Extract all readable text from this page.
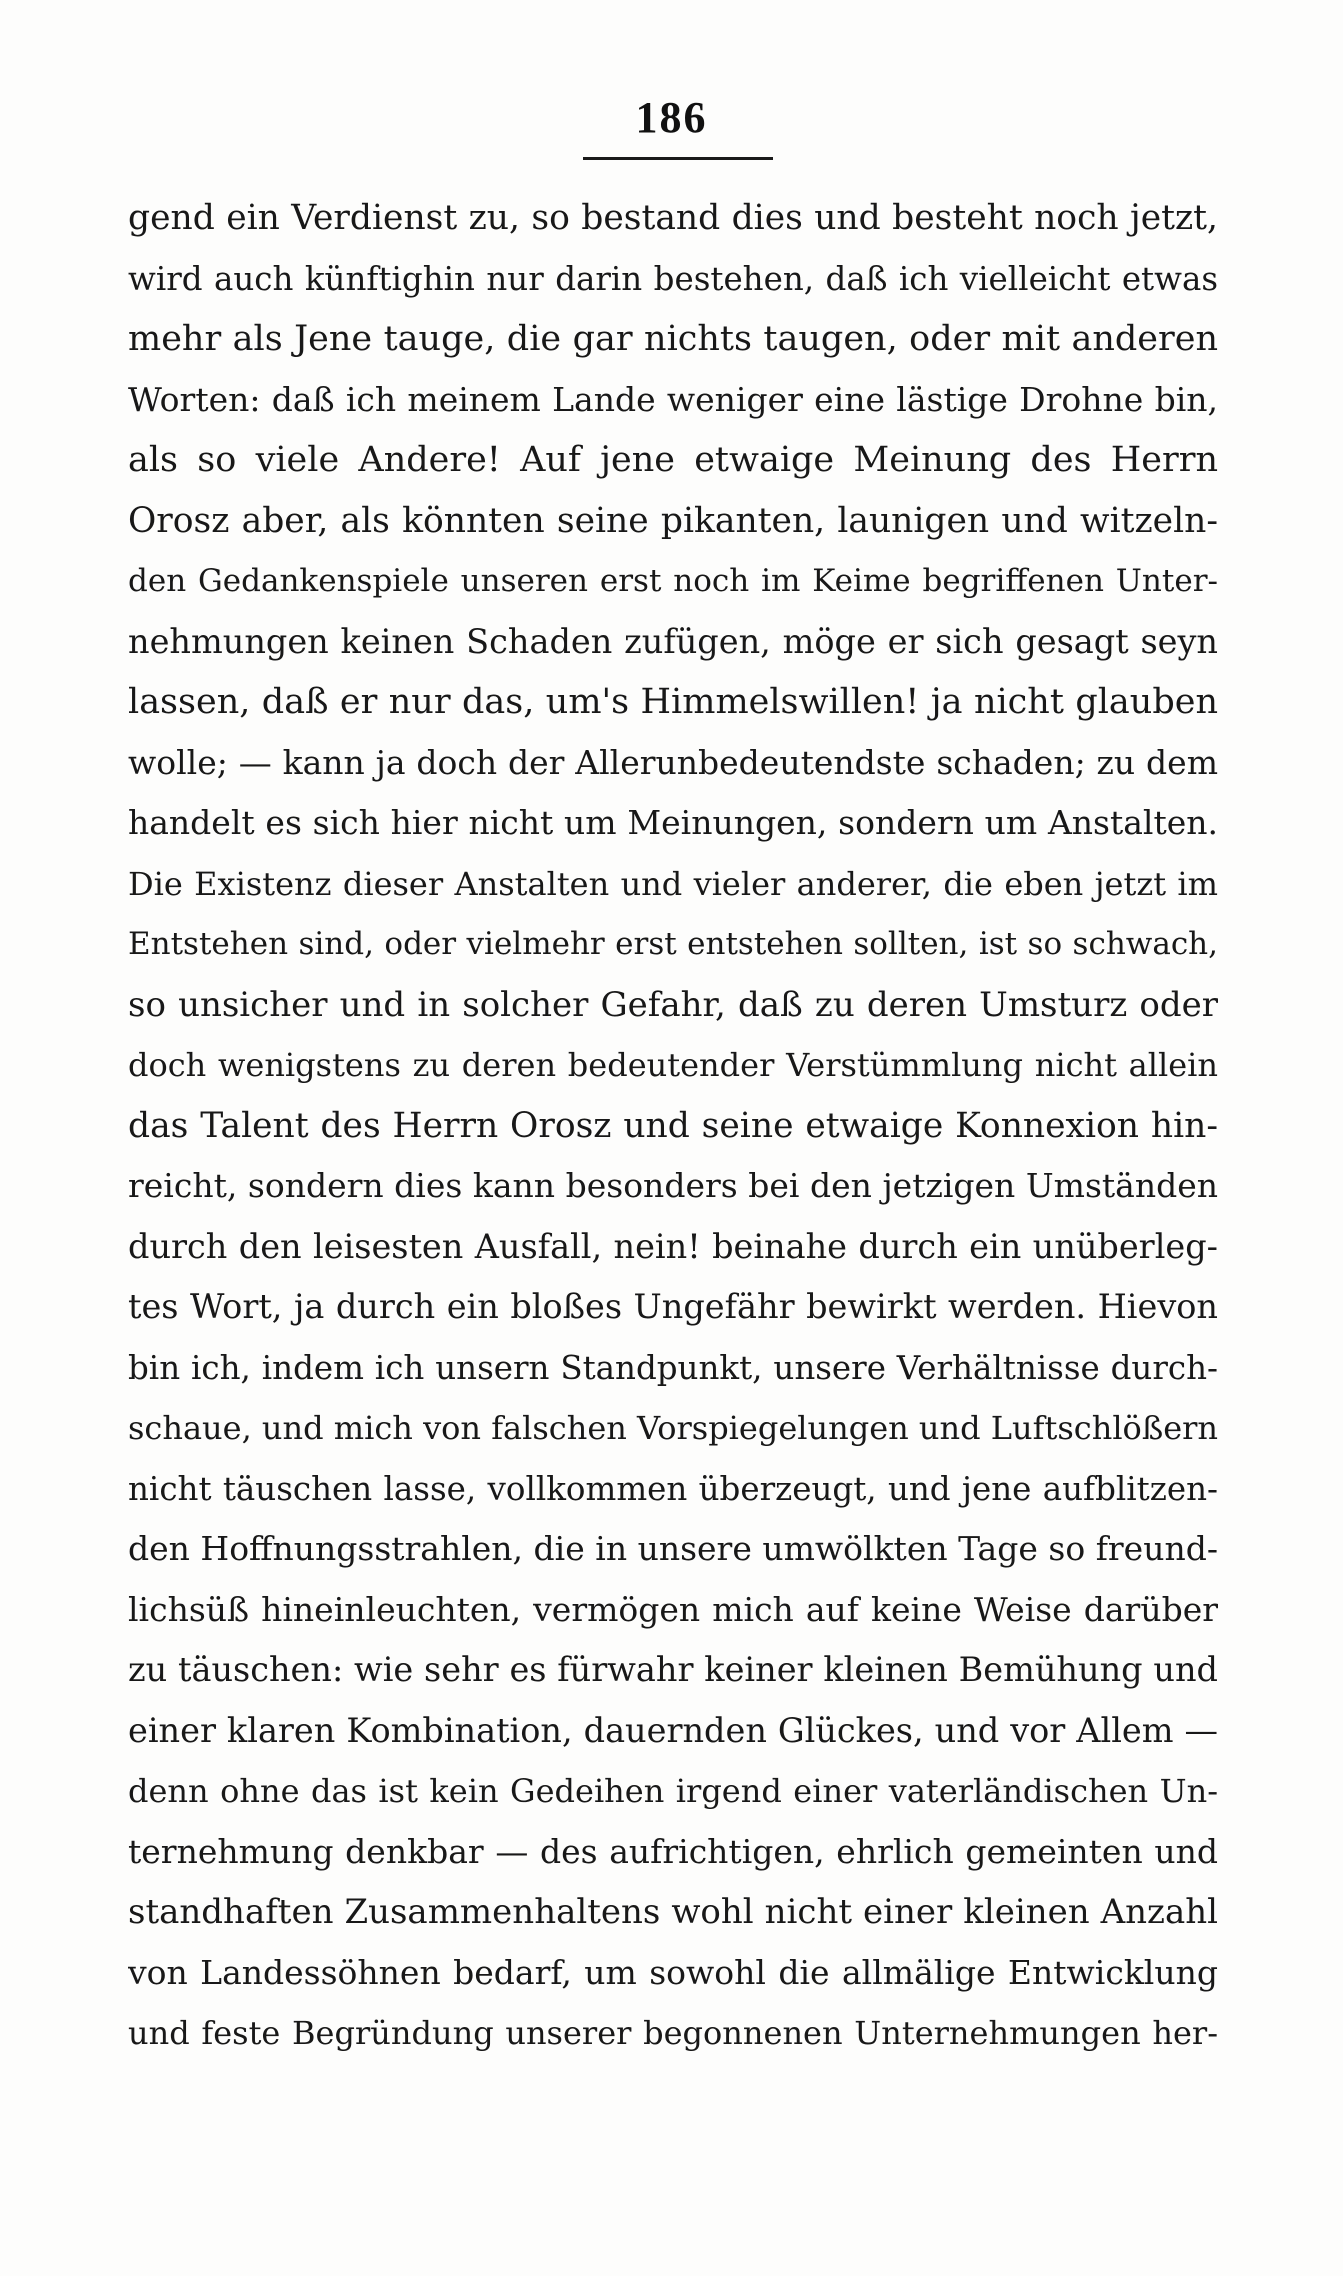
186
gend ein Verdienst zu, so bestand dies und besteht noch jetzt,
wird auch künftighin nur darin bestehen, daß ich vielleicht etwas
mehr als Jene tauge, die gar nichts taugen, oder mit anderen
Worten: daß ich meinem Lande weniger eine lästige Drohne bin,
als so viele Andere! Auf jene etwaige Meinung des Herrn
Orosz aber, als könnten seine pikanten, launigen und witzeln-
den Gedankenspiele unseren erst noch im Keime begriffenen Unter-
nehmungen keinen Schaden zufügen, möge er sich gesagt seyn
lassen, daß er nur das, um's Himmelswillen! ja nicht glauben
wolle; — kann ja doch der Allerunbedeutendste schaden; zu dem
handelt es sich hier nicht um Meinungen, sondern um Anstalten.
Die Existenz dieser Anstalten und vieler anderer, die eben jetzt im
Entstehen sind, oder vielmehr erst entstehen sollten, ist so schwach,
so unsicher und in solcher Gefahr, daß zu deren Umsturz oder
doch wenigstens zu deren bedeutender Verstümmlung nicht allein
das Talent des Herrn Orosz und seine etwaige Konnexion hin-
reicht, sondern dies kann besonders bei den jetzigen Umständen
durch den leisesten Ausfall, nein! beinahe durch ein unüberleg-
tes Wort, ja durch ein bloßes Ungefähr bewirkt werden. Hievon
bin ich, indem ich unsern Standpunkt, unsere Verhältnisse durch-
schaue, und mich von falschen Vorspiegelungen und Luftschlößern
nicht täuschen lasse, vollkommen überzeugt, und jene aufblitzen-
den Hoffnungsstrahlen, die in unsere umwölkten Tage so freund-
lichsüß hineinleuchten, vermögen mich auf keine Weise darüber
zu täuschen: wie sehr es fürwahr keiner kleinen Bemühung und
einer klaren Kombination, dauernden Glückes, und vor Allem —
denn ohne das ist kein Gedeihen irgend einer vaterländischen Un-
ternehmung denkbar — des aufrichtigen, ehrlich gemeinten und
standhaften Zusammenhaltens wohl nicht einer kleinen Anzahl
von Landessöhnen bedarf, um sowohl die allmälige Entwicklung
und feste Begründung unserer begonnenen Unternehmungen her-
